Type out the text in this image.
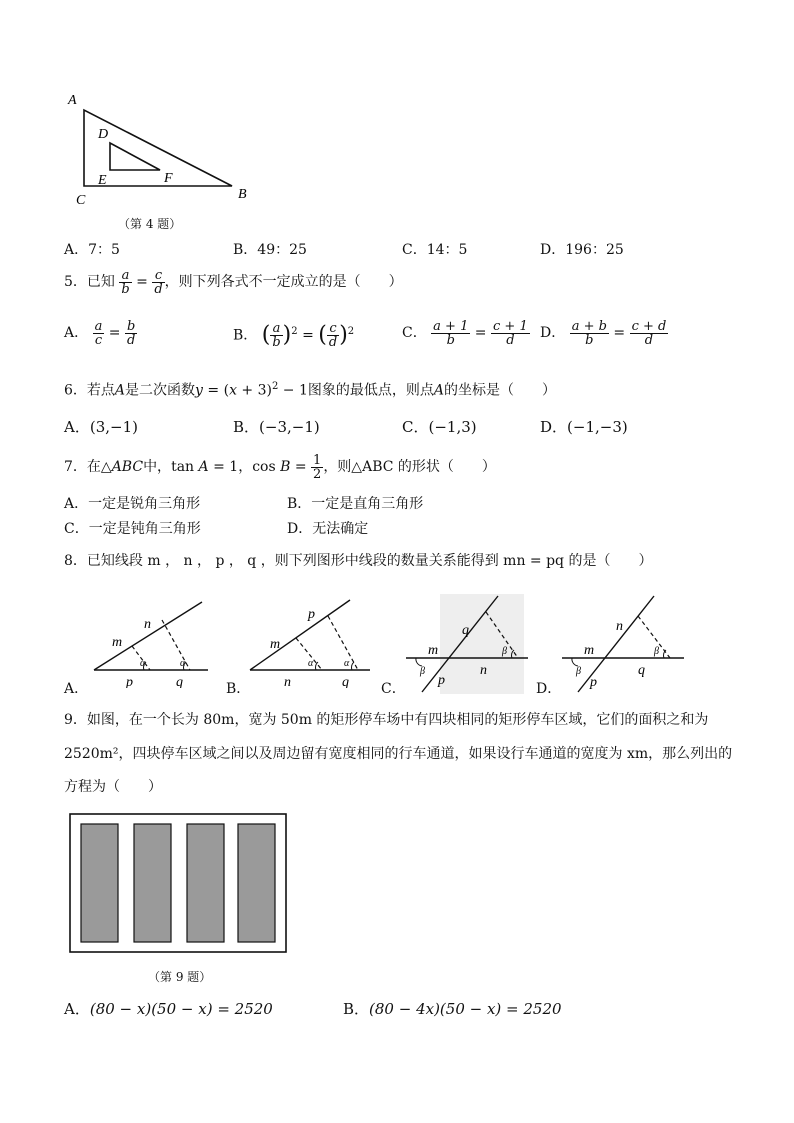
A
B
C
D
E	F
（第 4 题）
A．7：5	B．49：25	C．14：5	D．196：25
5．已知 $\frac{a}{b} = \frac{c}{d}$ ，则下列各式不一定成立的是（　　）
A． $\frac{a}{c} = \frac{b}{d}$	B． ( $\frac{a}{b} )^2$ = ( $\frac{c}{d} )^2$	C． $\frac{a + 1}{b} = \frac{c + 1}{d}$ D． $\frac{a + b}{b} = \frac{c + d}{d}$
6．若点A是二次函数$y = (x + 3)^2 - 1$图象的最低点，则点A的坐标是（　　）
A．(3,−1)	B．(−3,−1)	C．(−1,3)	D．(−1,−3)
7．在△ABC中，tan A = 1，$\cos B = \frac{1}{2}$ ，则△ABC 的形状（　　）
A．一定是锐角三角形	B．一定是直角三角形
C．一定是钝角三角形	D．无法确定
8．已知线段 m ， n ， p ， q ，则下列图形中线段的数量关系能得到 mn = pq 的是（　　）
n
m
α	α
p	q
A．
p
m
α	α
n	q
B．
q
m	β
β
p
n
C．
n
m	β
β
p
q
D．
9．如图，在一个长为 80m，宽为 50m 的矩形停车场中有四块相同的矩形停车区域，它们的面积之和为
2520m²，四块停车区域之间以及周边留有宽度相同的行车通道，如果设行车通道的宽度为 xm，那么列出的
方程为（　　）
（第 9 题）
A．(80 − x)(50 − x) = 2520	B．(80 − 4x)(50 − x) = 2520
